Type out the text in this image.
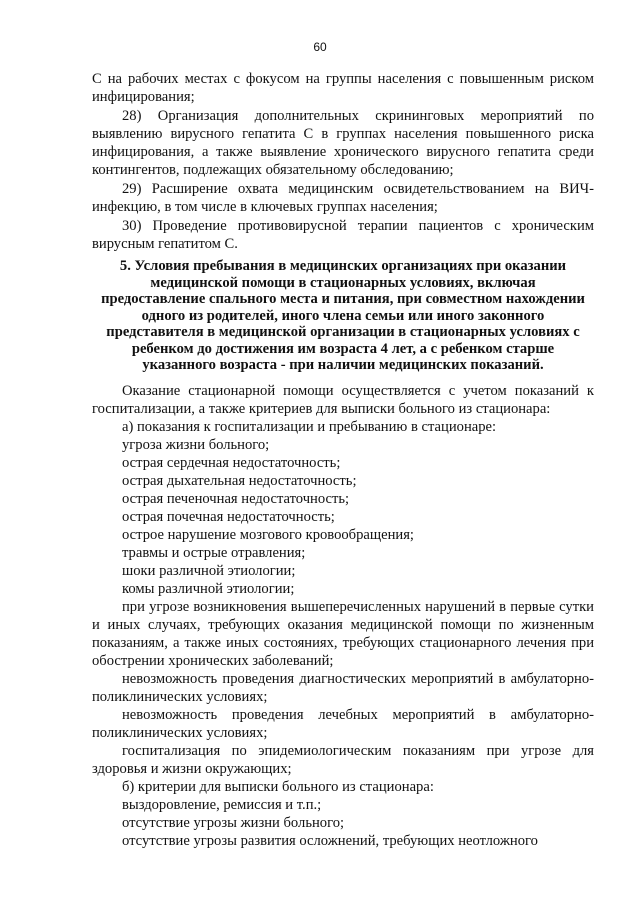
60

С на рабочих местах с фокусом на группы населения с повышенным риском инфицирования;

28) Организация дополнительных скрининговых мероприятий по выявлению вирусного гепатита С в группах населения повышенного риска инфицирования, а также выявление хронического вирусного гепатита среди контингентов, подлежащих обязательному обследованию;

29) Расширение охвата медицинским освидетельствованием на ВИЧ-инфекцию, в том числе в ключевых группах населения;

30) Проведение противовирусной терапии пациентов с хроническим вирусным гепатитом С.

5. Условия пребывания в медицинских организациях при оказании медицинской помощи в стационарных условиях, включая предоставление спального места и питания, при совместном нахождении одного из родителей, иного члена семьи или иного законного представителя в медицинской организации в стационарных условиях с ребенком до достижения им возраста 4 лет, а с ребенком старше указанного возраста - при наличии медицинских показаний.

Оказание стационарной помощи осуществляется с учетом показаний к госпитализации, а также критериев для выписки больного из стационара:

а) показания к госпитализации и пребыванию в стационаре:

угроза жизни больного;

острая сердечная недостаточность;

острая дыхательная недостаточность;

острая печеночная недостаточность;

острая почечная недостаточность;

острое нарушение мозгового кровообращения;

травмы и острые отравления;

шоки различной этиологии;

комы различной этиологии;

при угрозе возникновения вышеперечисленных нарушений в первые сутки и иных случаях, требующих оказания медицинской помощи по жизненным показаниям, а также иных состояниях, требующих стационарного лечения при обострении хронических заболеваний;

невозможность проведения диагностических мероприятий в амбулаторно-поликлинических условиях;

невозможность проведения лечебных мероприятий в амбулаторно-поликлинических условиях;

госпитализация по эпидемиологическим показаниям при угрозе для здоровья и жизни окружающих;

б) критерии для выписки больного из стационара:

выздоровление, ремиссия и т.п.;

отсутствие угрозы жизни больного;

отсутствие угрозы развития осложнений, требующих неотложного
